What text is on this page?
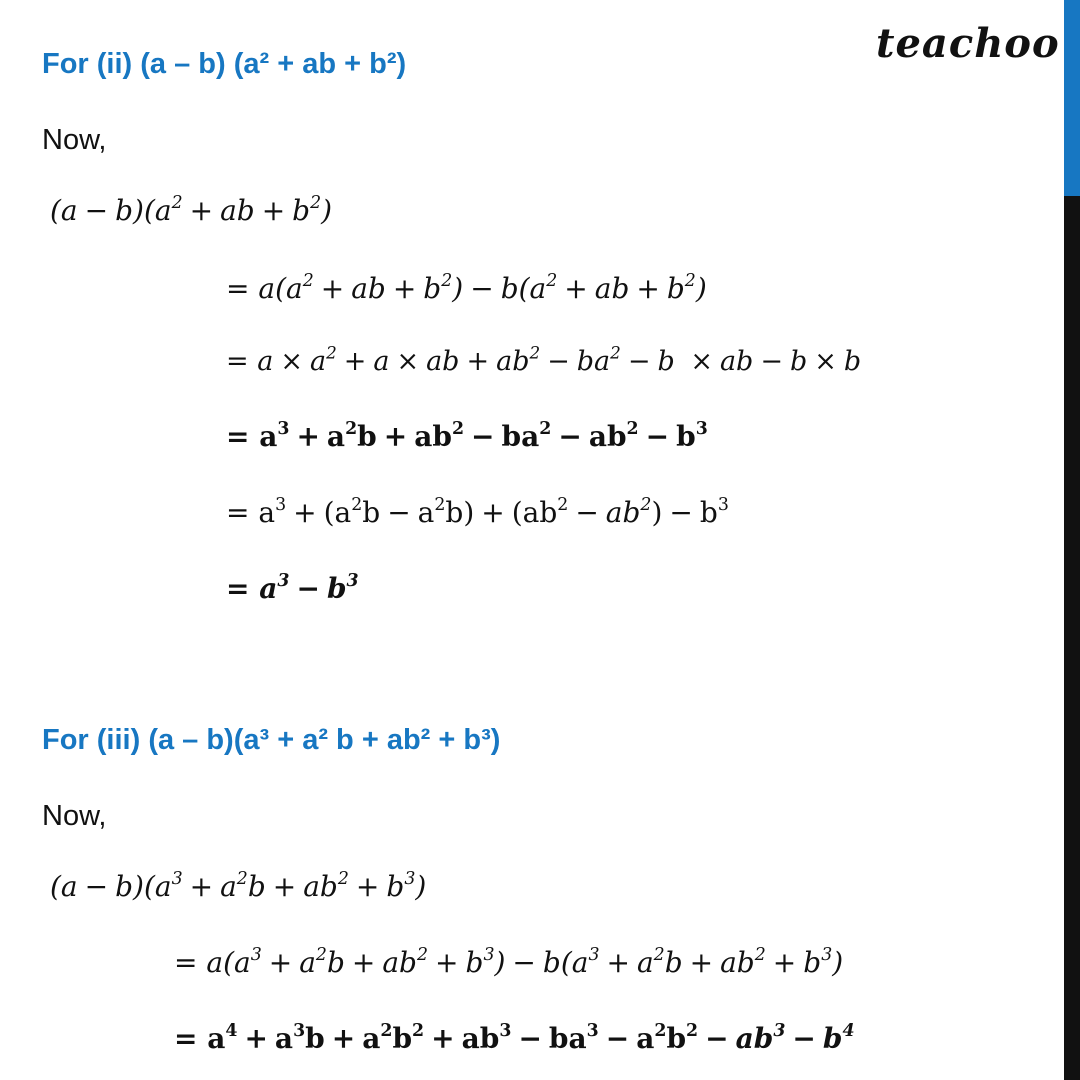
teachoo
For (ii) (a – b) (a² + ab + b²)
Now,
$(a - b)(a^2$ + ab + $b^2$)
= $a(a^2$ + ab + $b^2) - b(a^2$ + ab + $b^2$)
= $a \times a^2 + a$ × ab + $ab^2 - ba^2 - b$ × ab − b × b
= $a^3 + a^2b + ab^2 - ba^2 - ab^2 - b^3$
= $a^3 + (a^2b - a^2b) + (ab^2 - ab^2) - b^3$
= $a^3 - b^3$
For (iii) (a – b)(a³ + a² b + ab² + b³)
Now,
$(a - b)(a^3 + a^2b + ab^2 + b^3)$
= $a(a^3 + a^2b + ab^2 + b^3) - b(a^3 + a^2b + ab^2 + b^3)$
= $a^4 + a^3b + a^2b^2 + ab^3 - ba^3 - a^2b^2 - ab^3 - b^4$
